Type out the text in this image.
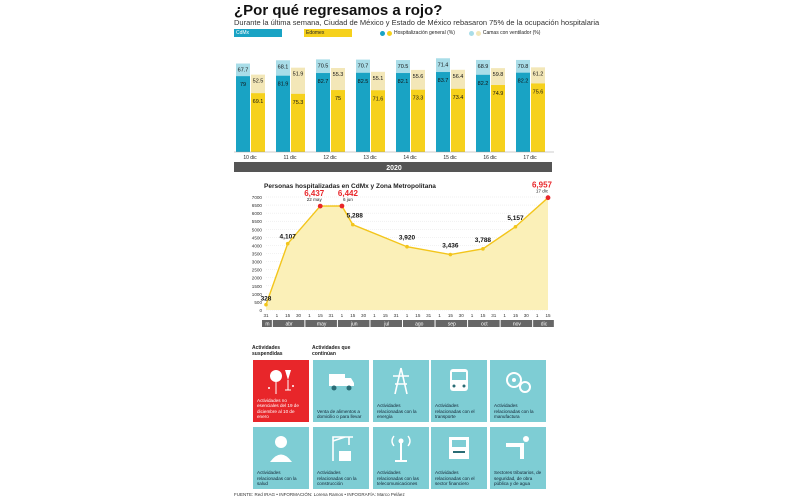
¿Por qué regresamos a rojo?
Durante la última semana, Ciudad de México y Estado de México rebasaron 75% de la ocupación hospitalaria
CdMx	Edomex	Hospitalización general (%)	Camas con ventilador (%)
79
67.7
69.1
52.5
10 dic
81.9
68.1
75.3
51.9
11 dic
82.7
70.5
75
55.3
12 dic
82.5
70.7
71.6
55.1
13 dic
82.1
70.5
73.3
55.6
14 dic
83.7
71.4
73.4
56.4
15 dic
82.2
68.9
74.9
59.8
16 dic
82.2
70.8
75.6
61.2
17 dic
2020
Personas hospitalizadas en CdMx y Zona Metropolitana
0
500
1000
1500
2000
2500
3000
3500
4000
4500
5000
5500
6000
6500
7000
328
4,107
6,437
22 may
6,442
6 jun
5,288
3,920
3,436
3,788
5,157
6,957
17 dic
31 1 15 30 1 15 31 1 15 30 1 15 31 1 15 31 1 15 30 1 15 31 1 15 30 1 15
m	abr	may	jun	jul	ago	sep	oct	nov	dic
Actividades suspendidas
Actividades que continúan
Actividades no esenciales del 19 de diciembre al 10 de enero
Venta de alimentos a domicilio o para llevar
Actividades relacionadas con la energía
Actividades relacionadas con el transporte
Actividades relacionadas con la manufactura
Actividades relacionadas con la salud
Actividades relacionadas con la construcción
Actividades relacionadas con las telecomunicaciones
Actividades relacionadas con el sector financiero
Sectores tributarios, de seguridad, de obra pública y de agua
FUENTE: Red IRAG • INFORMACIÓN: Lorena Ramos • INFOGRAFÍA: Marco Peláez
